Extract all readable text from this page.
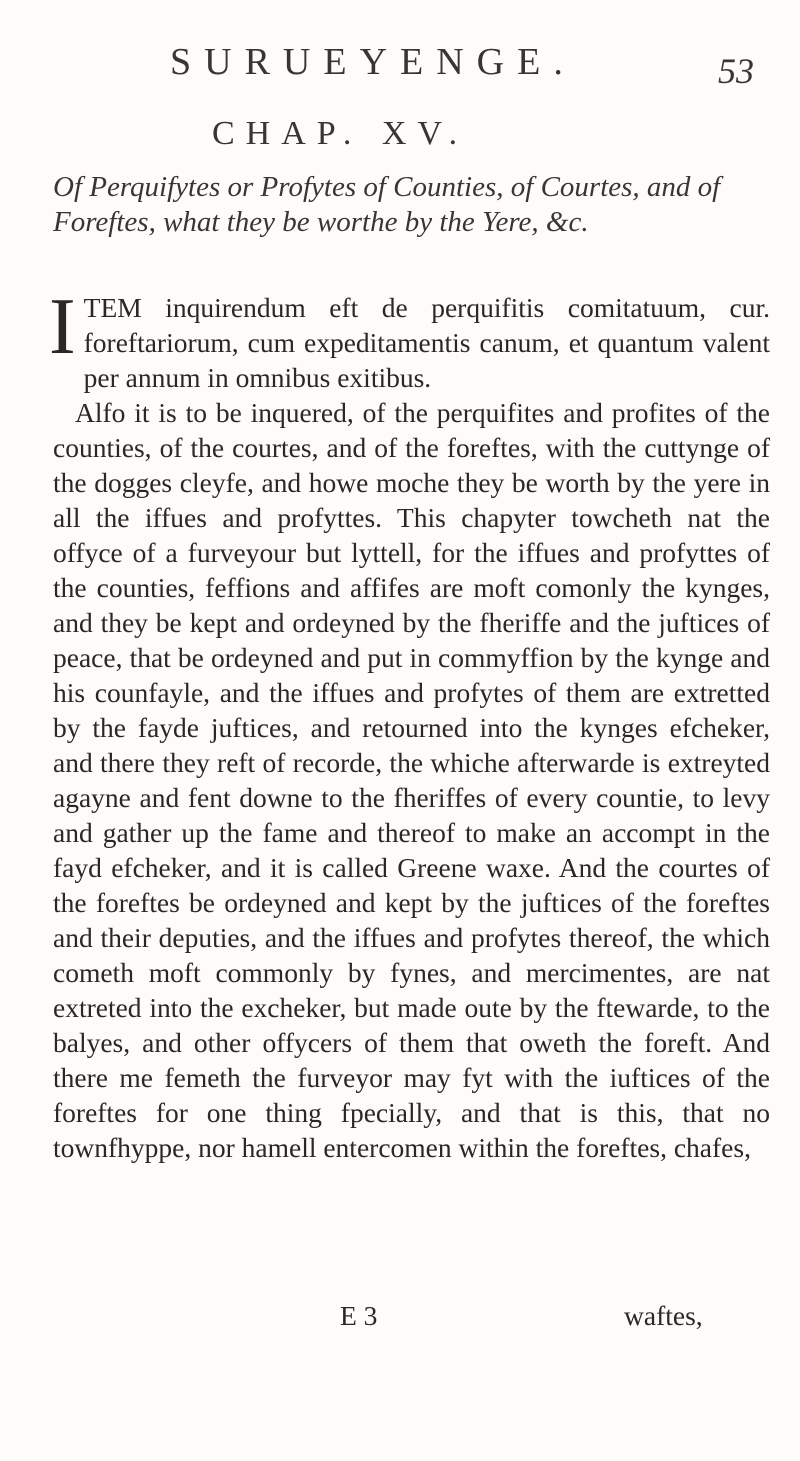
SURUEYENGE.	53
CHAP. XV.
Of Perquifytes or Profytes of Counties, of Courtes, and of Foreftes, what they be worthe by the Yere, &c.

ITEM inquirendum eft de perquifitis comitatuum, cur. foreftariorum, cum expeditamentis canum, et quantum valent per annum in omnibus exitibus.

Alfo it is to be inquered, of the perquifites and profites of the counties, of the courtes, and of the foreftes, with the cuttynge of the dogges cleyfe, and howe moche they be worth by the yere in all the iffues and profyttes. This chapyter towcheth nat the offyce of a furveyour but lyttell, for the iffues and profyttes of the counties, feffions and affifes are moft comonly the kynges, and they be kept and ordeyned by the fheriffe and the juftices of peace, that be ordeyned and put in commyffion by the kynge and his counfayle, and the iffues and profytes of them are extretted by the fayde juftices, and retourned into the kynges efcheker, and there they reft of recorde, the whiche afterwarde is extreyted agayne and fent downe to the fheriffes of every countie, to levy and gather up the fame and thereof to make an accompt in the fayd efcheker, and it is called Greene waxe. And the courtes of the foreftes be ordeyned and kept by the juftices of the foreftes and their deputies, and the iffues and profytes thereof, the which cometh moft commonly by fynes, and mercimentes, are nat extreted into the excheker, but made oute by the ftewarde, to the balyes, and other offycers of them that oweth the foreft. And there me femeth the furveyor may fyt with the iuftices of the foreftes for one thing fpecially, and that is this, that no townfhyppe, nor hamell entercomen within the foreftes, chafes,

E 3	waftes,
